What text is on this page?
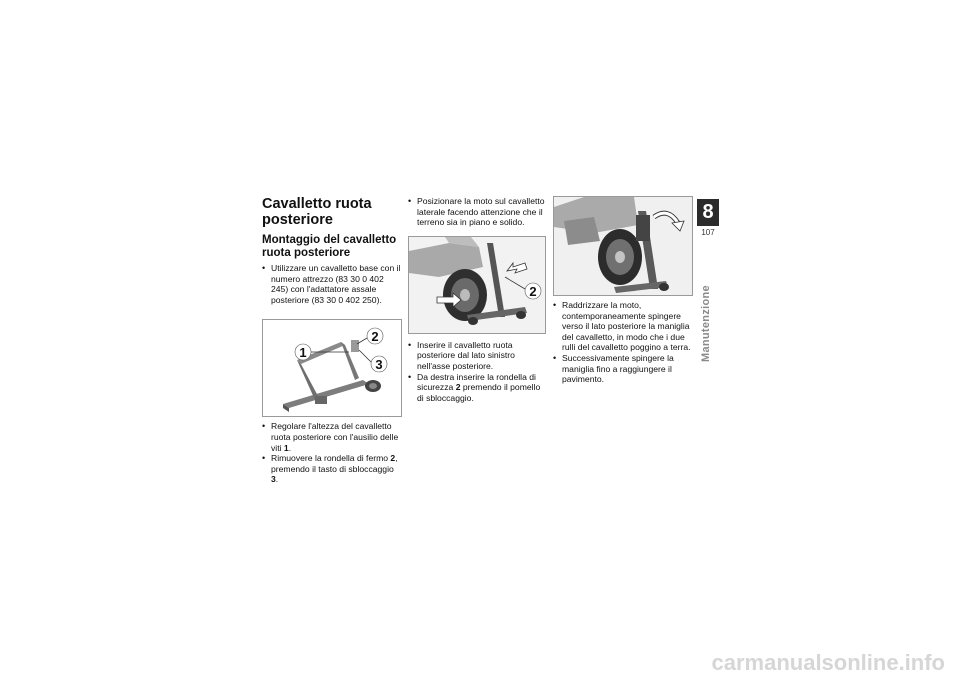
Cavalletto ruota posteriore
Montaggio del cavalletto ruota posteriore
• Utilizzare un cavalletto base con il numero attrezzo (83 30 0 402 245) con l'adattatore assale posteriore (83 30 0 402 250).
1
2
3
• Regolare l'altezza del cavalletto ruota posteriore con l'ausilio delle viti 1.
• Rimuovere la rondella di fermo 2, premendo il tasto di sbloccaggio 3.
• Posizionare la moto sul cavalletto laterale facendo attenzione che il terreno sia in piano e solido.
2
• Inserire il cavalletto ruota posteriore dal lato sinistro nell'asse posteriore.
• Da destra inserire la rondella di sicurezza 2 premendo il pomello di sbloccaggio.
• Raddrizzare la moto, contemporaneamente spingere verso il lato posteriore la maniglia del cavalletto, in modo che i due rulli del cavalletto poggino a terra.
• Successivamente spingere la maniglia fino a raggiungere il pavimento.
8
107
Manutenzione
carmanualsonline.info
